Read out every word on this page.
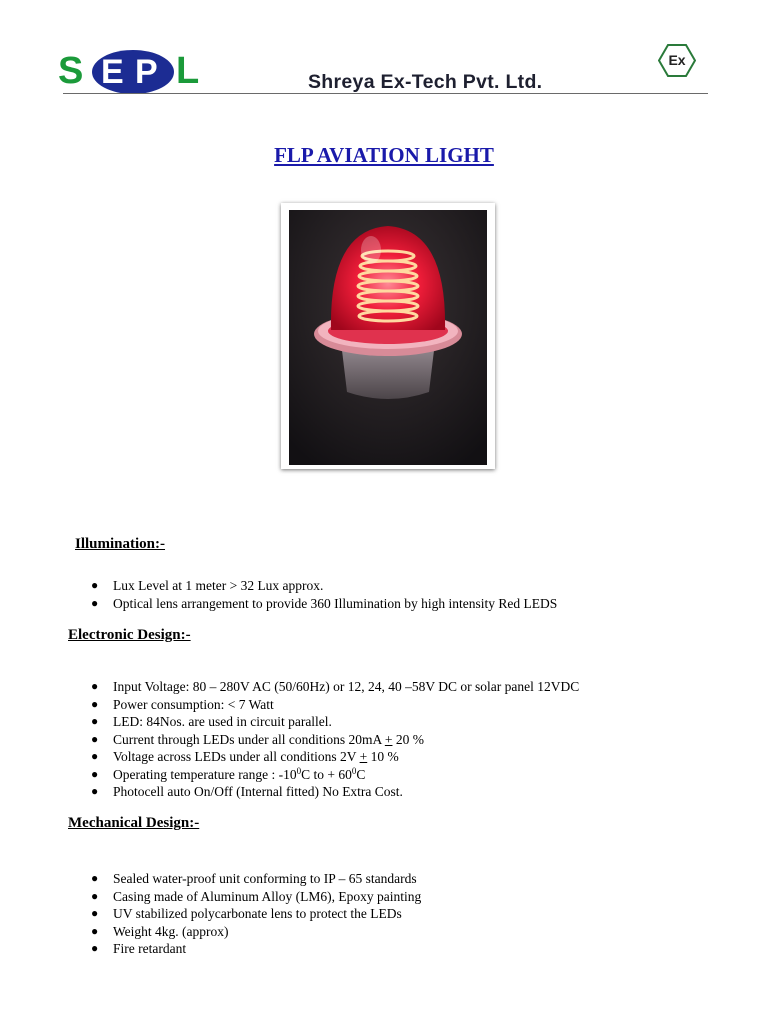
S E P L	Shreya Ex-Tech Pvt. Ltd.
Ex
FLP AVIATION LIGHT

Illumination:-

● Lux Level at 1 meter > 32 Lux approx.
● Optical lens arrangement to provide 360 Illumination by high intensity Red LEDS

Electronic Design:-

● Input Voltage: 80 – 280V AC (50/60Hz) or 12, 24, 40 –58V DC or solar panel 12VDC
● Power consumption: < 7 Watt
● LED: 84Nos. are used in circuit parallel.
● Current through LEDs under all conditions 20mA + 20 %
● Voltage across LEDs under all conditions 2V + 10 %
● Operating temperature range : $-10^0C$ to + $60^0C$
● Photocell auto On/Off (Internal fitted) No Extra Cost.

Mechanical Design:-

● Sealed water-proof unit conforming to IP – 65 standards
● Casing made of Aluminum Alloy (LM6), Epoxy painting
● UV stabilized polycarbonate lens to protect the LEDs
● Weight 4kg. (approx)
● Fire retardant
